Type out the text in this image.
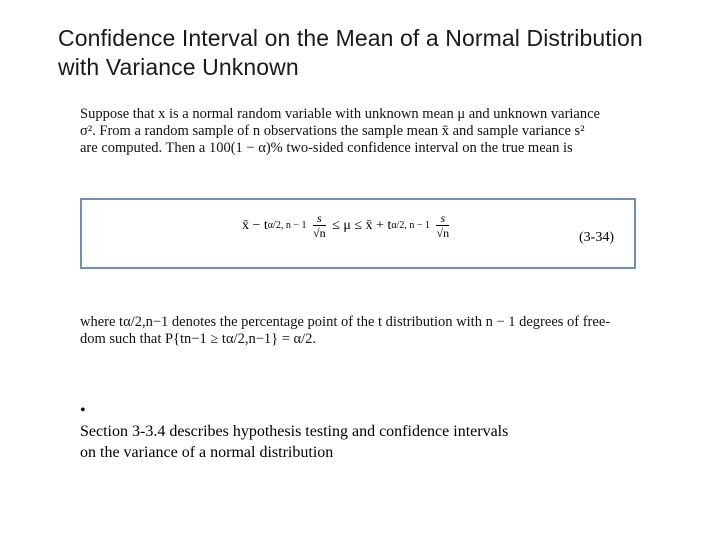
Confidence Interval on the Mean of a Normal Distribution
with Variance Unknown
Suppose that x is a normal random variable with unknown mean μ and unknown variance
σ². From a random sample of n observations the sample mean x̄ and sample variance s²
are computed. Then a 100(1 − α)% two-sided confidence interval on the true mean is
x̄ − tα/2, $n - 1 \frac{s}{√n} \le \mu$ ≤ x̄ + tα/2, $n - 1 \frac{s}{√n}$	(3-34)
where tα/2,n−1 denotes the percentage point of the t distribution with n − 1 degrees of free-
dom such that P{tn−1 ≥ tα/2,n−1} = α/2.
•
Section 3-3.4 describes hypothesis testing and confidence intervals
on the variance of a normal distribution
